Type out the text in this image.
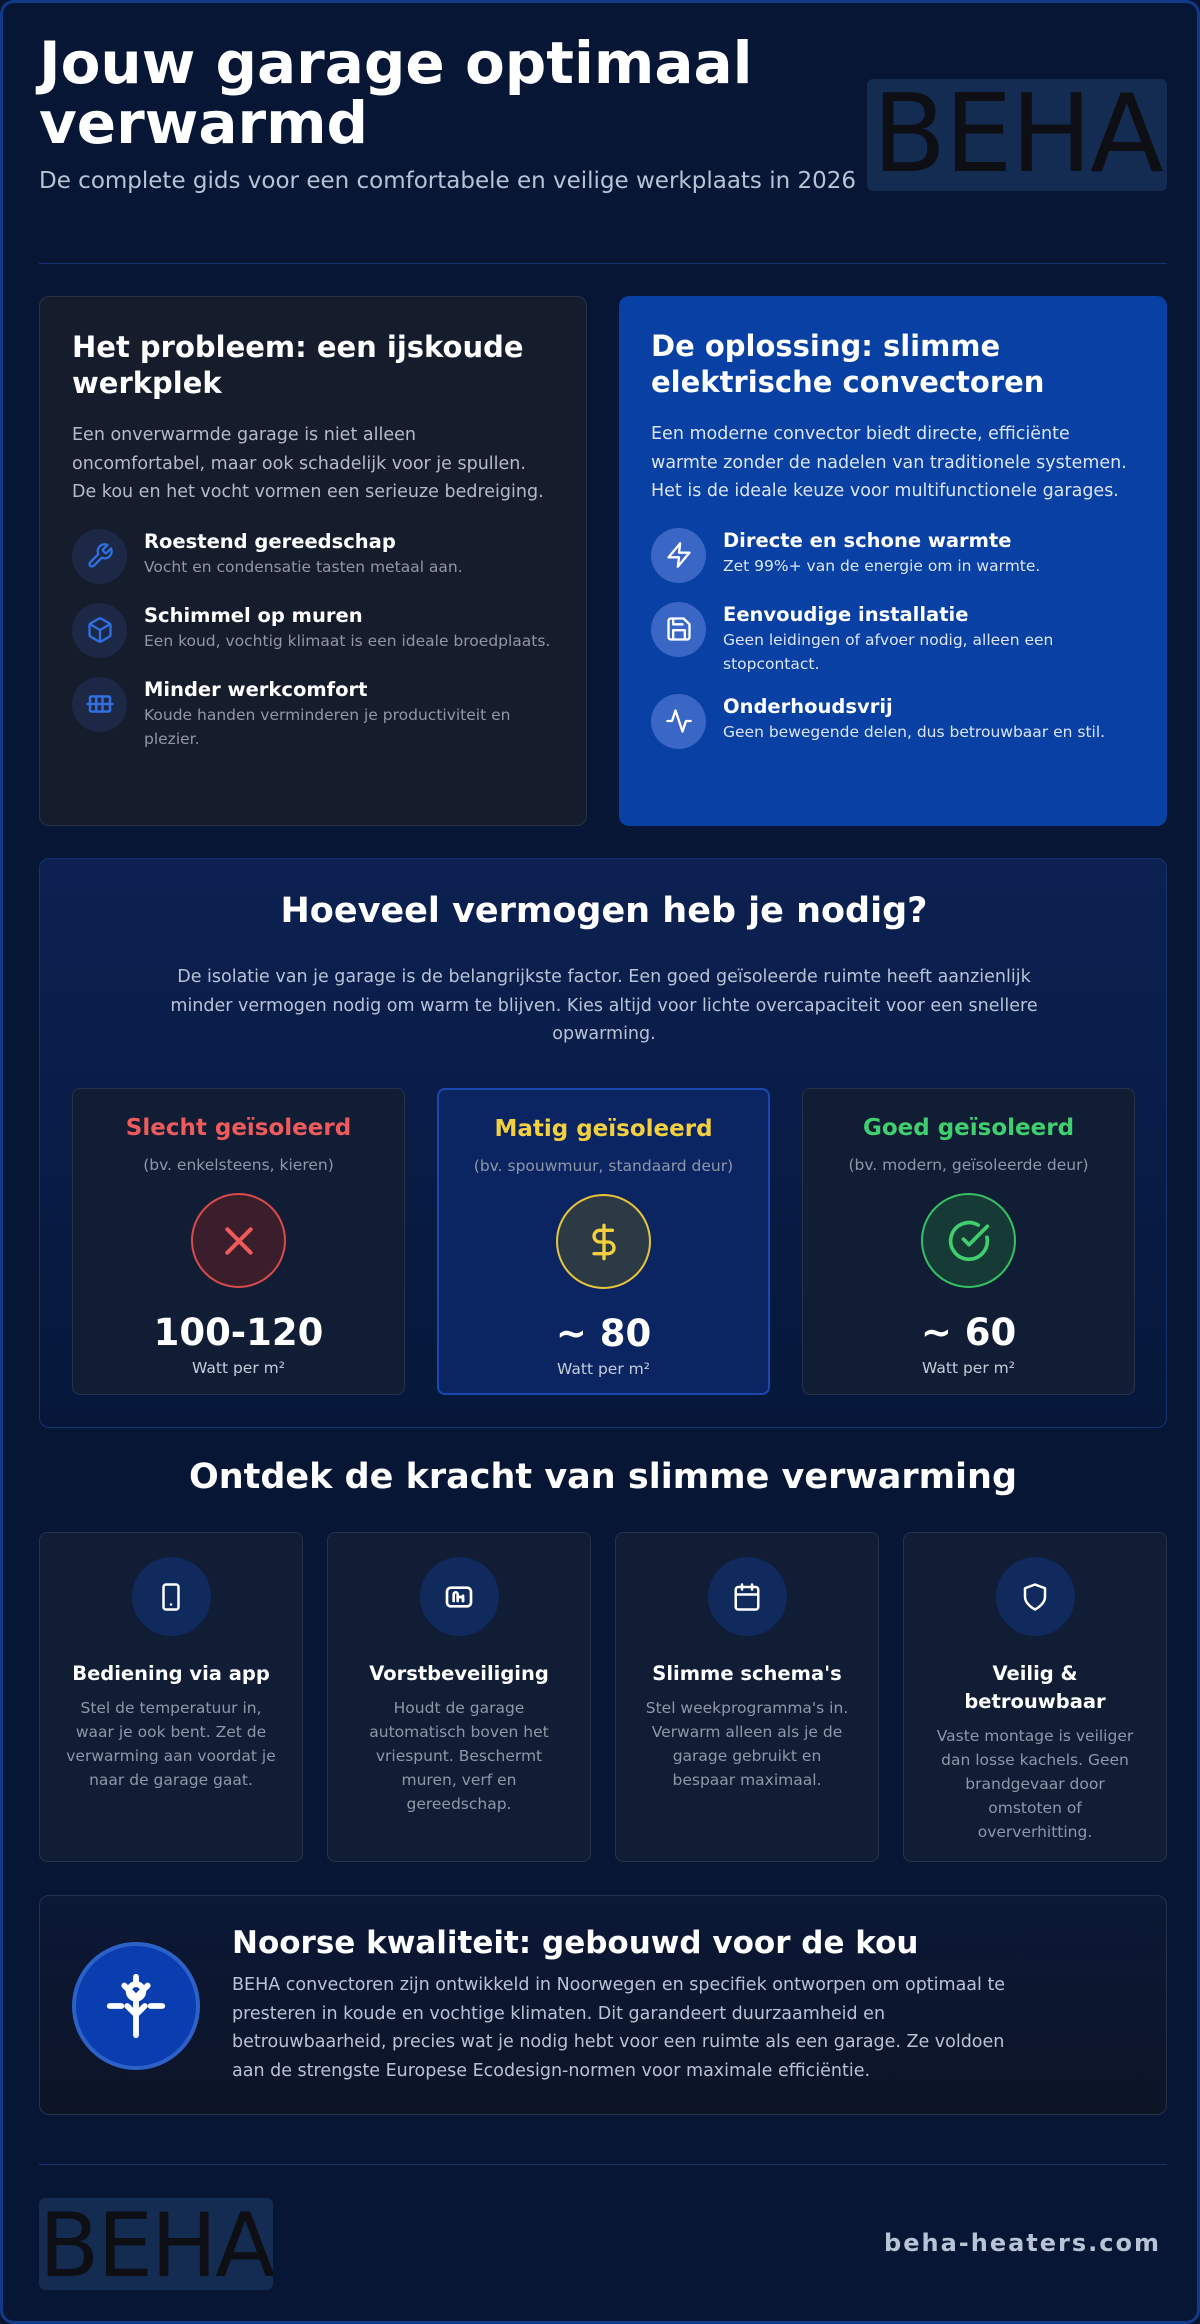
Jouw garage optimaal verwarmd
De complete gids voor een comfortabele en veilige werkplaats in 2026 BEHA
Het probleem: een ijskoude werkplek

Een onverwarmde garage is niet alleen oncomfortabel, maar ook schadelijk voor je spullen. De kou en het vocht vormen een serieuze bedreiging.

Roestend gereedschap
Vocht en condensatie tasten metaal aan.
Schimmel op muren
Een koud, vochtig klimaat is een ideale broedplaats.
Minder werkcomfort
Koude handen verminderen je productiviteit en plezier.
De oplossing: slimme elektrische convectoren

Een moderne convector biedt directe, efficiënte warmte zonder de nadelen van traditionele systemen. Het is de ideale keuze voor multifunctionele garages.

Directe en schone warmte
Zet 99%+ van de energie om in warmte.
Eenvoudige installatie
Geen leidingen of afvoer nodig, alleen een stopcontact.
Onderhoudsvrij
Geen bewegende delen, dus betrouwbaar en stil.
Hoeveel vermogen heb je nodig?

De isolatie van je garage is de belangrijkste factor. Een goed geïsoleerde ruimte heeft aanzienlijk minder vermogen nodig om warm te blijven. Kies altijd voor lichte overcapaciteit voor een snellere opwarming.

Slecht geïsoleerd
(bv. enkelsteens, kieren)
100-120
Watt per m²
Matig geïsoleerd
(bv. spouwmuur, standaard deur)
~ 80
Watt per m²
Goed geïsoleerd
(bv. modern, geïsoleerde deur)
~ 60
Watt per m²
Ontdek de kracht van slimme verwarming
Bediening via app
Stel de temperatuur in, waar je ook bent. Zet de verwarming aan voordat je naar de garage gaat.
Vorstbeveiliging
Houdt de garage automatisch boven het vriespunt. Beschermt muren, verf en gereedschap.
Slimme schema's
Stel weekprogramma's in. Verwarm alleen als je de garage gebruikt en bespaar maximaal.
Veilig & betrouwbaar
Vaste montage is veiliger dan losse kachels. Geen brandgevaar door omstoten of oververhitting.
Noorse kwaliteit: gebouwd voor de kou

BEHA convectoren zijn ontwikkeld in Noorwegen en specifiek ontworpen om optimaal te presteren in koude en vochtige klimaten. Dit garandeert duurzaamheid en betrouwbaarheid, precies wat je nodig hebt voor een ruimte als een garage. Ze voldoen aan de strengste Europese Ecodesign-normen voor maximale efficiëntie.

BEHA	beha-heaters.com
